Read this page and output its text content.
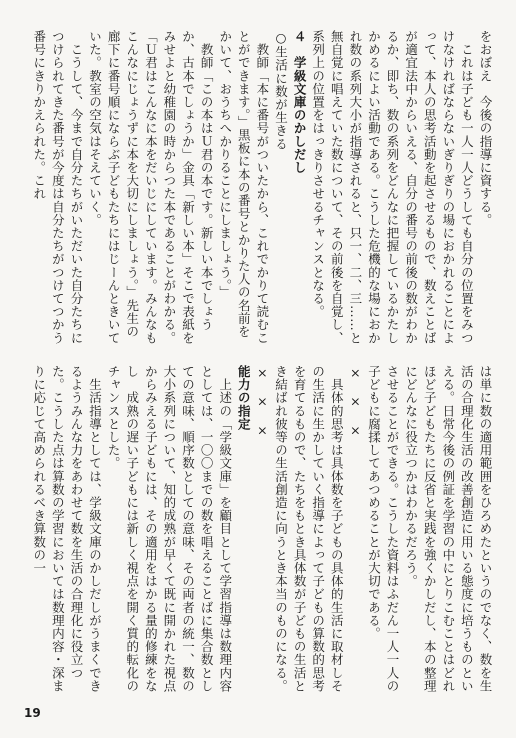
をおぼえ　今後の指導に資する。

　これは子ども一人一人どうしても自分の位置をみつけなければならないぎりぎりの場におかれることによって、本人の思考活動を起させるもので、数えことばが適宜法中からいえる、自分の番号の前後の数がわかるか、即ち、数の系列をどんなに把握しているかたしかめるによい活動である。こうした危機的な場におかれ数の系列大小が指導されると、只一、二、三……と無自覚に唱えていた数について、その前後を自覚し、系列上の位置をはっきりさせるチャンスとなる。

４　学級文庫のかしだし

○生活に数が生きる

　教師「本に番号がついたから、これでかりて読むことができます。」黒板に本の番号とかりた人の名前をかいて、おうちへかりることにしましょう。」

　教師「この本はＵ君の本です。新しい本でしょうか、古本でしょうか」金具「新しい本」そこで表紙をみせよと幼稚園の時からつた本であることがわかる。「Ｕ君はこんなに本をだいじにしています。みんなもこんなにじょうずに本を大切にしましょう。」先生の廊下に番号順にならぶ子どもたちにはじーんときいていた。教室の空気はそえていく。

　こうして、今まで自分たちがいただいた自分たちにつけられてきた番号が今度は自分たちがつけてつかう番号にきりかえられた。これ

は単に数の適用範囲をひろめたというのでなく、数を生活の合理化生活の改善創造に用いる態度に培うものといえる。日常今後の例証を学習の中にとりこむことはどれほど子どもたちに反省と実践を強くかしだし、本の整理にどんなに役立つかはわかるだろう。

させることができる。こうした資料はふだん一人一人の子どもに腐揉してあつめることが大切である。

×　×　×

　具体的思考は具体数を子どもの具体的生活に取材しその生活に生かしていく指導によって子どもの算数的思考を育てるもので、たちをもとき具体数が子どもの生活とき結ばれ彼等の生活創造に向うとき本当のものになる。

×　×　×

能力の指定

　上述の「学級文庫」を顧目として学習指導は数理内容としては、一〇〇までの数を唱えることばに集合数としての意味、順序数としての意味、その両者の統一、数の大小系列について、知的成熟が早くて既に開かれた視点からみえる子どもには、その適用をはかる量的修練をなし　成熟の遅い子どもには新しく視点を開く質的転化のチャンスとした。

　生活指導としては、学級文庫のかしだしがうまくできるようみんな力をあわせて数を生活の合理化に役立つた。こうした点は算数の学習においては数理内容・深まりに応じて高められるべき算数の一

19
